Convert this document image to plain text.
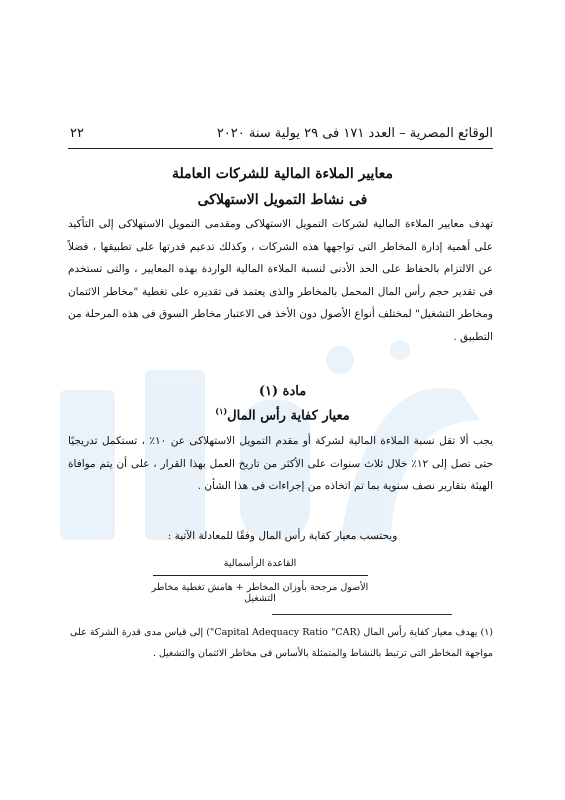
٢٢	الوقائع المصرية – العدد ١٧١ فى ٢٩ يولية سنة ٢٠٢٠
معايير الملاءة المالية للشركات العاملة
فى نشاط التمويل الاستهلاكى
تهدف معايير الملاءة المالية لشركات التمويل الاستهلاكى ومقدمى التمويل الاستهلاكى إلى التأكيد على أهمية إدارة المخاطر التى تواجهها هذه الشركات ، وكذلك تدعيم قدرتها على تطبيقها ، فضلاً عن الالتزام بالحفاظ على الحد الأدنى لنسبة الملاءة المالية الواردة بهذه المعايير ، والتى تستخدم فى تقدير حجم رأس المال المحمل بالمخاطر والذى يعتمد فى تقديره على تغطية "مخاطر الائتمان ومخاطر التشغيل" لمختلف أنواع الأصول دون الأخذ فى الاعتبار مخاطر السوق فى هذه المرحلة من التطبيق .
مادة (١)
معيار كفاية رأس المال$^{(١)}$
يجب ألا تقل نسبة الملاءة المالية لشركة أو مقدم التمويل الاستهلاكى عن ١٠٪ ، تستكمل تدريجيًا حتى تصل إلى ١٢٪ خلال ثلاث سنوات على الأكثر من تاريخ العمل بهذا القرار ، على أن يتم موافاة الهيئة بتقارير نصف سنوية بما تم اتخاذه من إجراءات فى هذا الشأن .
ويحتسب معيار كفاية رأس المال وفقًا للمعادلة الآتية :
القاعدة الرأسمالية
الأصول مرجحة بأوزان المخاطر + هامش تغطية مخاطر التشغيل
(١) يهدف معيار كفاية رأس المال (Capital Adequacy Ratio "CAR") إلى قياس مدى قدرة الشركة على مواجهة المخاطر التى ترتبط بالنشاط والمتمثلة بالأساس فى مخاطر الائتمان والتشغيل .
